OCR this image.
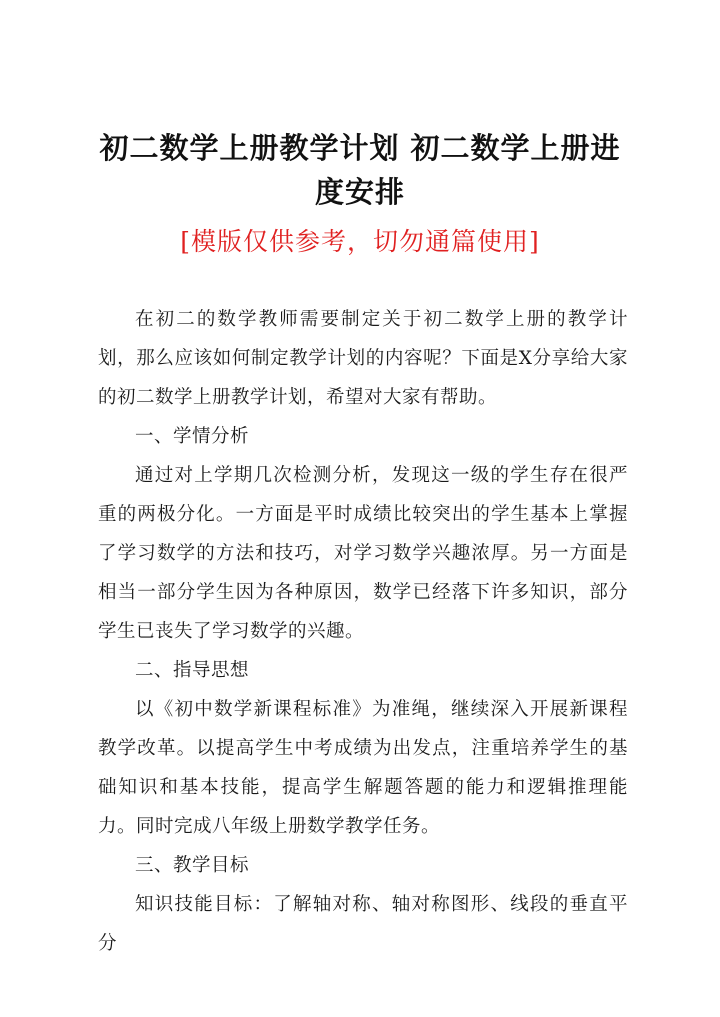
初二数学上册教学计划 初二数学上册进度安排
[模版仅供参考，切勿通篇使用]

在初二的数学教师需要制定关于初二数学上册的教学计划，那么应该如何制定教学计划的内容呢？下面是X分享给大家的初二数学上册教学计划，希望对大家有帮助。

一、学情分析

通过对上学期几次检测分析，发现这一级的学生存在很严重的两极分化。一方面是平时成绩比较突出的学生基本上掌握了学习数学的方法和技巧，对学习数学兴趣浓厚。另一方面是相当一部分学生因为各种原因，数学已经落下许多知识，部分学生已丧失了学习数学的兴趣。

二、指导思想

以《初中数学新课程标准》为准绳，继续深入开展新课程教学改革。以提高学生中考成绩为出发点，注重培养学生的基础知识和基本技能，提高学生解题答题的能力和逻辑推理能力。同时完成八年级上册数学教学任务。

三、教学目标

知识技能目标：了解轴对称、轴对称图形、线段的垂直平分
